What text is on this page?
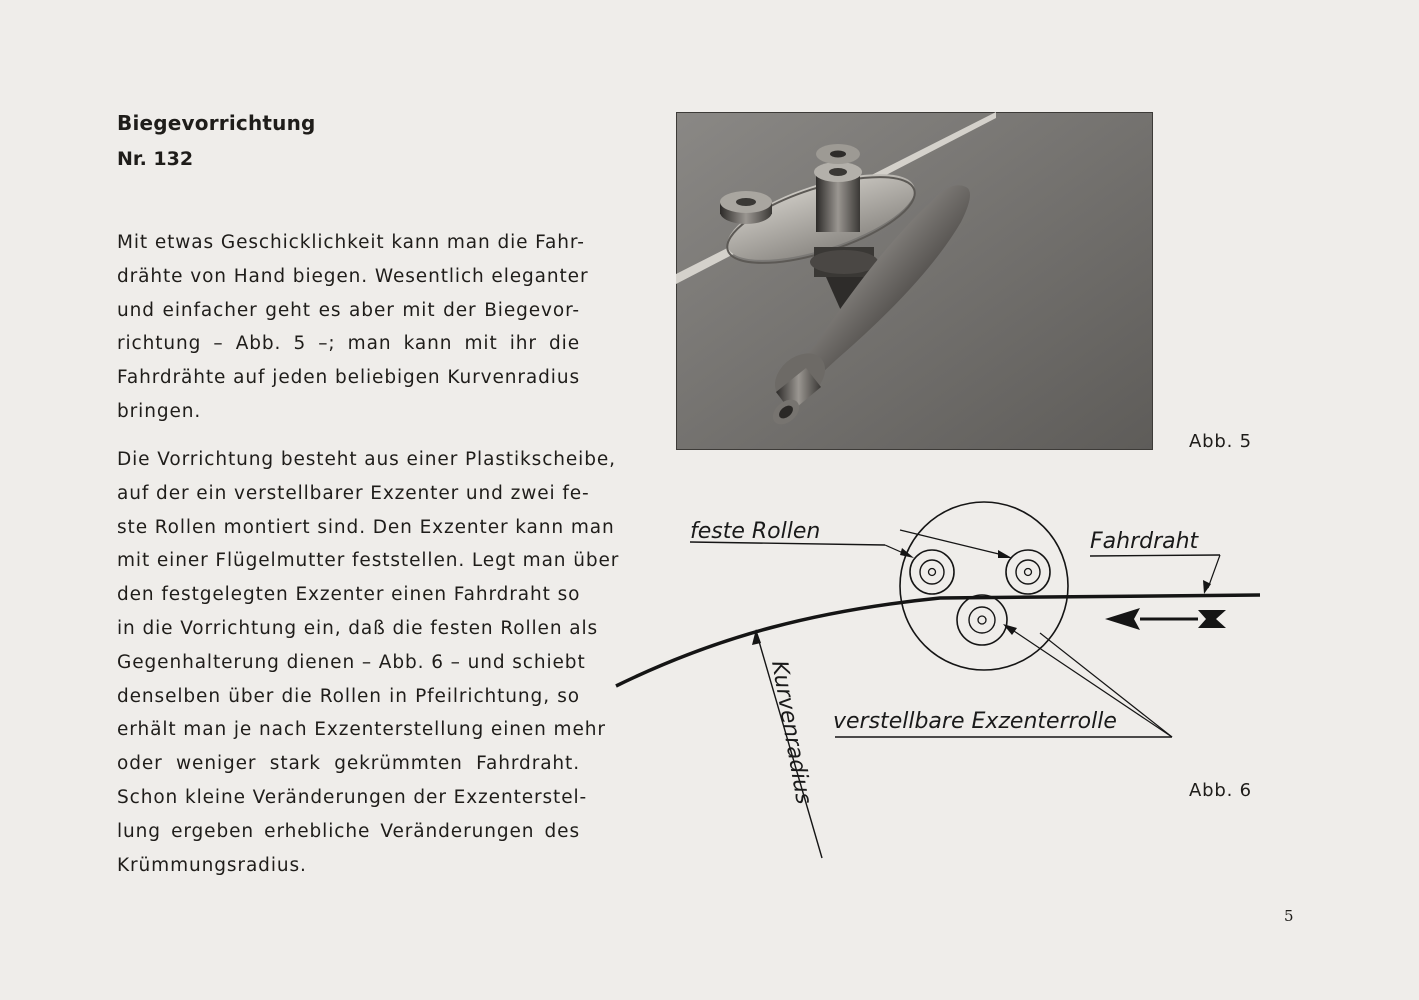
Biegevorrichtung
Nr. 132
Mit etwas Geschicklichkeit kann man die Fahr-
drähte von Hand biegen. Wesentlich eleganter
und einfacher geht es aber mit der Biegevor-
richtung – Abb. 5 –; man kann mit ihr die
Fahrdrähte auf jeden beliebigen Kurvenradius
bringen.
Die Vorrichtung besteht aus einer Plastikscheibe,
auf der ein verstellbarer Exzenter und zwei fe-
ste Rollen montiert sind. Den Exzenter kann man
mit einer Flügelmutter feststellen. Legt man über
den festgelegten Exzenter einen Fahrdraht so
in die Vorrichtung ein, daß die festen Rollen als
Gegenhalterung dienen – Abb. 6 – und schiebt
denselben über die Rollen in Pfeilrichtung, so
erhält man je nach Exzenterstellung einen mehr
oder weniger stark gekrümmten Fahrdraht.
Schon kleine Veränderungen der Exzenterstel-
lung ergeben erhebliche Veränderungen des
Krümmungsradius.
Abb. 5
feste Rollen	Fahrdraht
verstellbare Exzenterrolle
Kurvenradius	Abb. 6
5
